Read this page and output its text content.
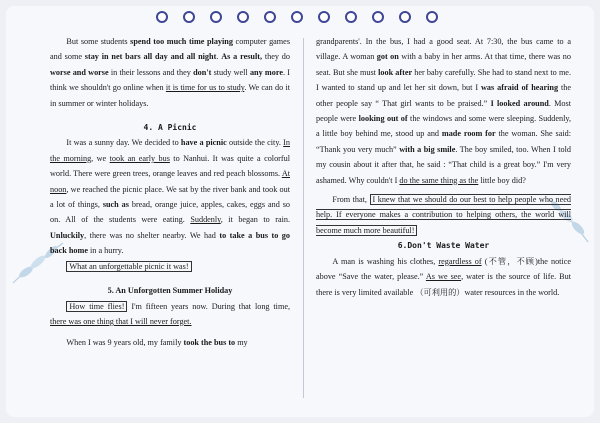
But some students spend too much time playing computer games and some stay in net bars all day and all night. As a result, they do worse and worse in their lessons and they don't study well any more. I think we shouldn't go online when it is time for us to study. We can do it in summer or winter holidays.

4. A Picnic

It was a sunny day. We decided to have a picnic outside the city. In the morning, we took an early bus to Nanhui. It was quite a colorful world. There were green trees, orange leaves and red peach blossoms. At noon, we reached the picnic place. We sat by the river bank and took out a lot of things, such as bread, orange juice, apples, cakes, eggs and so on. All of the students were eating. Suddenly, it began to rain. Unluckily, there was no shelter nearby. We had to take a bus to go back home in a hurry.

What an unforgettable picnic it was!

5. An Unforgotten Summer Holiday

How time flies! I'm fifteen years now. During that long time, there was one thing that I will never forget.

When I was 9 years old, my family took the bus to my

grandparents'. In the bus, I had a good seat. At 7:30, the bus came to a village. A woman got on with a baby in her arms. At that time, there was no seat. But she must look after her baby carefully. She had to stand next to me. I wanted to stand up and let her sit down, but I was afraid of hearing the other people say “ That girl wants to be praised.” I looked around. Most people were looking out of the windows and some were sleeping. Suddenly, a little boy behind me, stood up and made room for the woman. She said: “Thank you very much” with a big smile. The boy smiled, too. When I told my cousin about it after that, he said : “That child is a great boy.” I'm very ashamed. Why couldn't I do the same thing as the little boy did?

From that, I knew that we should do our best to help people who need help. If everyone makes a contribution to helping others, the world will become much more beautiful!

6.Don't Waste Water

A man is washing his clothes, regardless of (不管，不顾)the notice above “Save the water, please.” As we see, water is the source of life. But there is very limited available （可利用的）water resources in the world.
